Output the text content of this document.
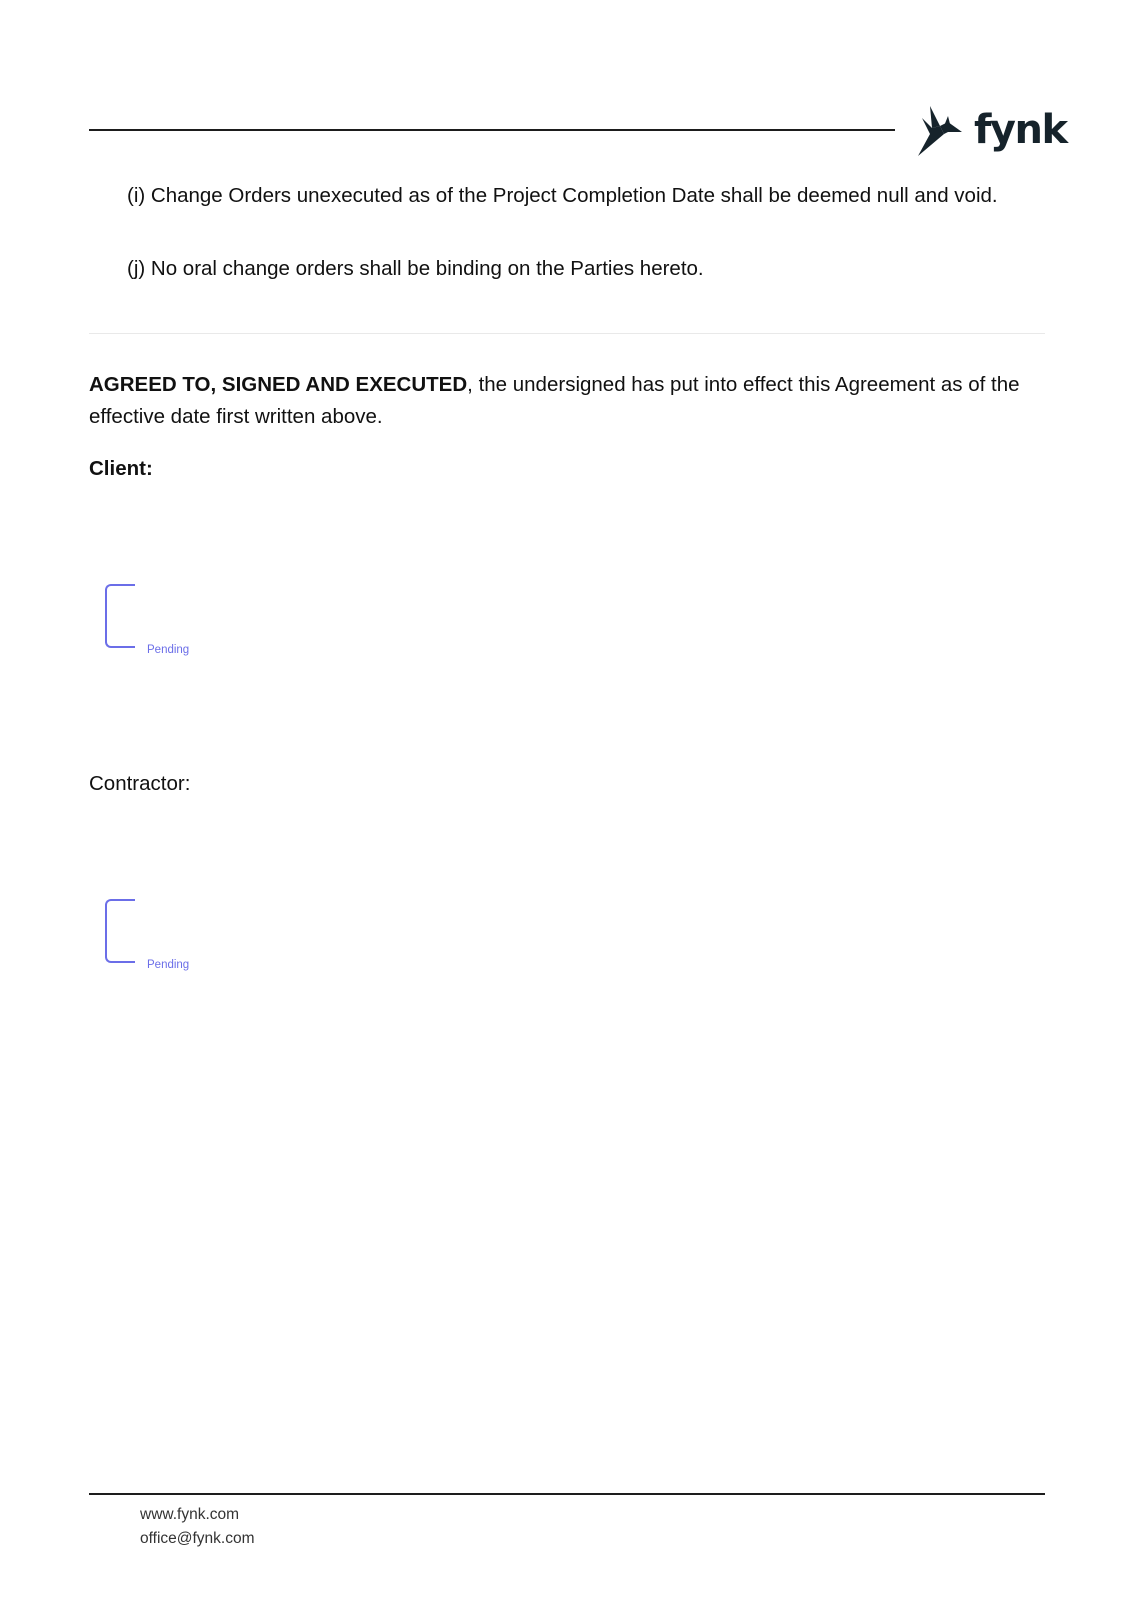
fynk
(i) Change Orders unexecuted as of the Project Completion Date shall be deemed null and void.
(j) No oral change orders shall be binding on the Parties hereto.
AGREED TO, SIGNED AND EXECUTED, the undersigned has put into effect this Agreement as of the effective date first written above.
Client:
Pending
Contractor:
Pending
www.fynk.com
office@fynk.com
